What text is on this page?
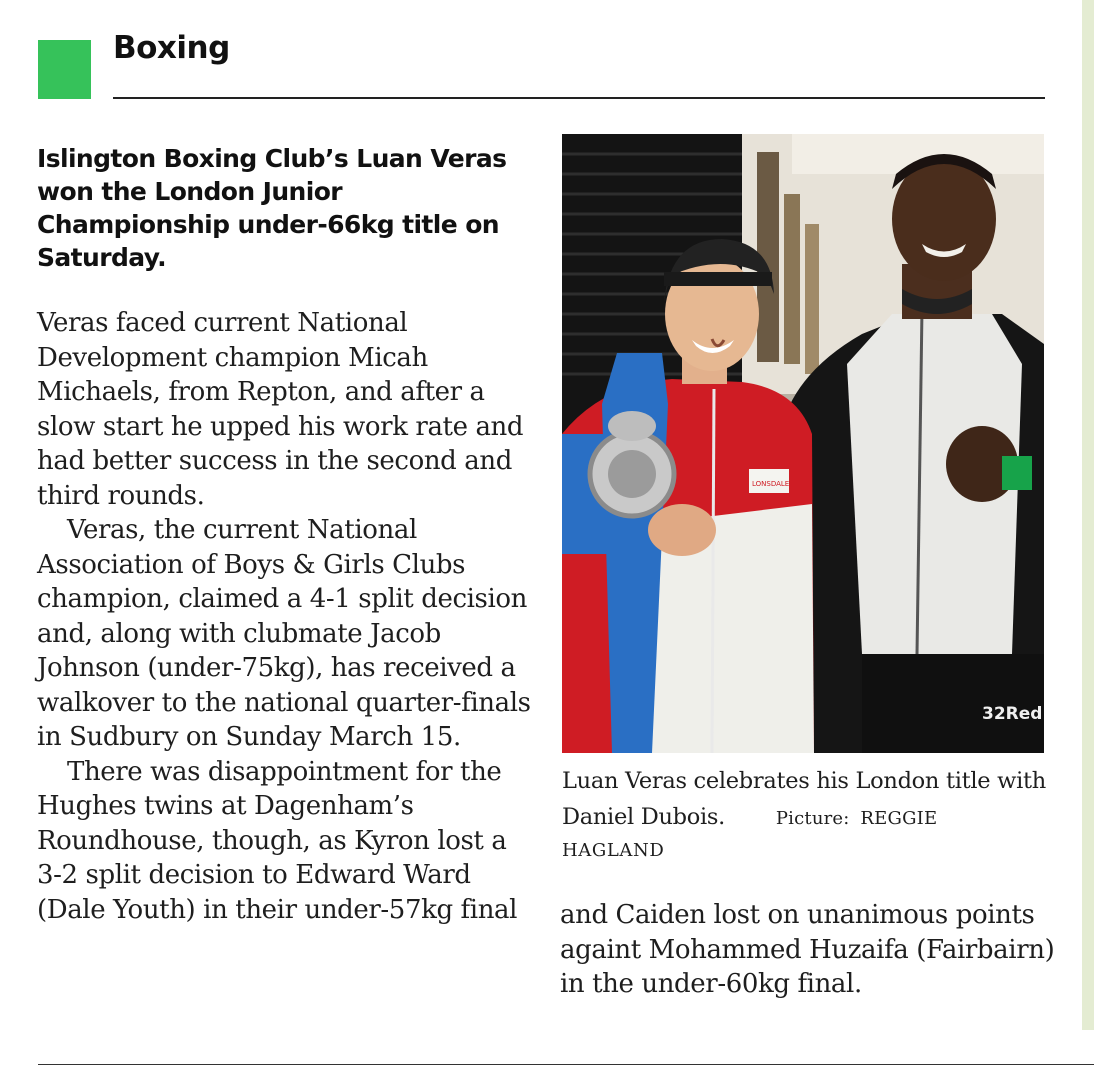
Boxing

Islington Boxing Club’s Luan Veras won the London Junior Championship under-66kg title on Saturday.

Veras faced current National Development champion Micah Michaels, from Repton, and after a slow start he upped his work rate and had better success in the second and third rounds.

Veras, the current National Association of Boys & Girls Clubs champion, claimed a 4-1 split decision and, along with clubmate Jacob Johnson (under-75kg), has received a walkover to the national quarter-finals in Sudbury on Sunday March 15.

There was disappointment for the Hughes twins at Dagenham’s Roundhouse, though, as Kyron lost a 3-2 split decision to Edward Ward (Dale Youth) in their under-57kg final

32Red
LONSDALE
Luan Veras celebrates his London title with Daniel Dubois.	Picture: REGGIE
HAGLAND

and Caiden lost on unanimous points againt Mohammed Huzaifa (Fairbairn) in the under-60kg final.
